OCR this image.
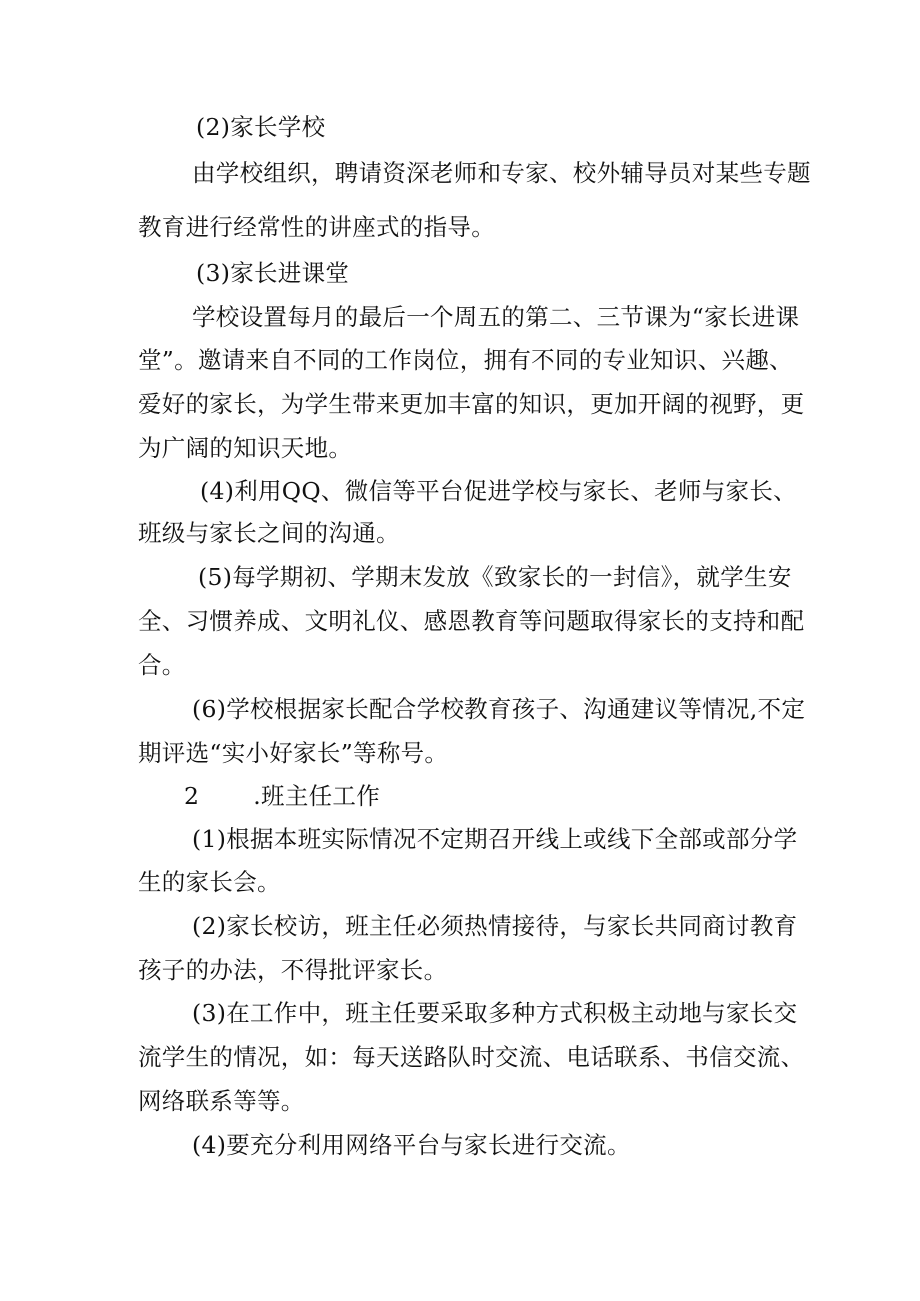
(2)家长学校
由学校组织，聘请资深老师和专家、校外辅导员对某些专题
教育进行经常性的讲座式的指导。
(3)家长进课堂
学校设置每月的最后一个周五的第二、三节课为“家长进课
堂”。邀请来自不同的工作岗位，拥有不同的专业知识、兴趣、
爱好的家长，为学生带来更加丰富的知识，更加开阔的视野，更
为广阔的知识天地。
(4)利用QQ、微信等平台促进学校与家长、老师与家长、
班级与家长之间的沟通。
(5)每学期初、学期末发放《致家长的一封信》，就学生安
全、习惯养成、文明礼仪、感恩教育等问题取得家长的支持和配
合。
(6)学校根据家长配合学校教育孩子、沟通建议等情况,不定
期评选“实小好家长”等称号。
2 .班主任工作
(1)根据本班实际情况不定期召开线上或线下全部或部分学
生的家长会。
(2)家长校访，班主任必须热情接待，与家长共同商讨教育
孩子的办法，不得批评家长。
(3)在工作中，班主任要采取多种方式积极主动地与家长交
流学生的情况，如：每天送路队时交流、电话联系、书信交流、
网络联系等等。
(4)要充分利用网络平台与家长进行交流。
